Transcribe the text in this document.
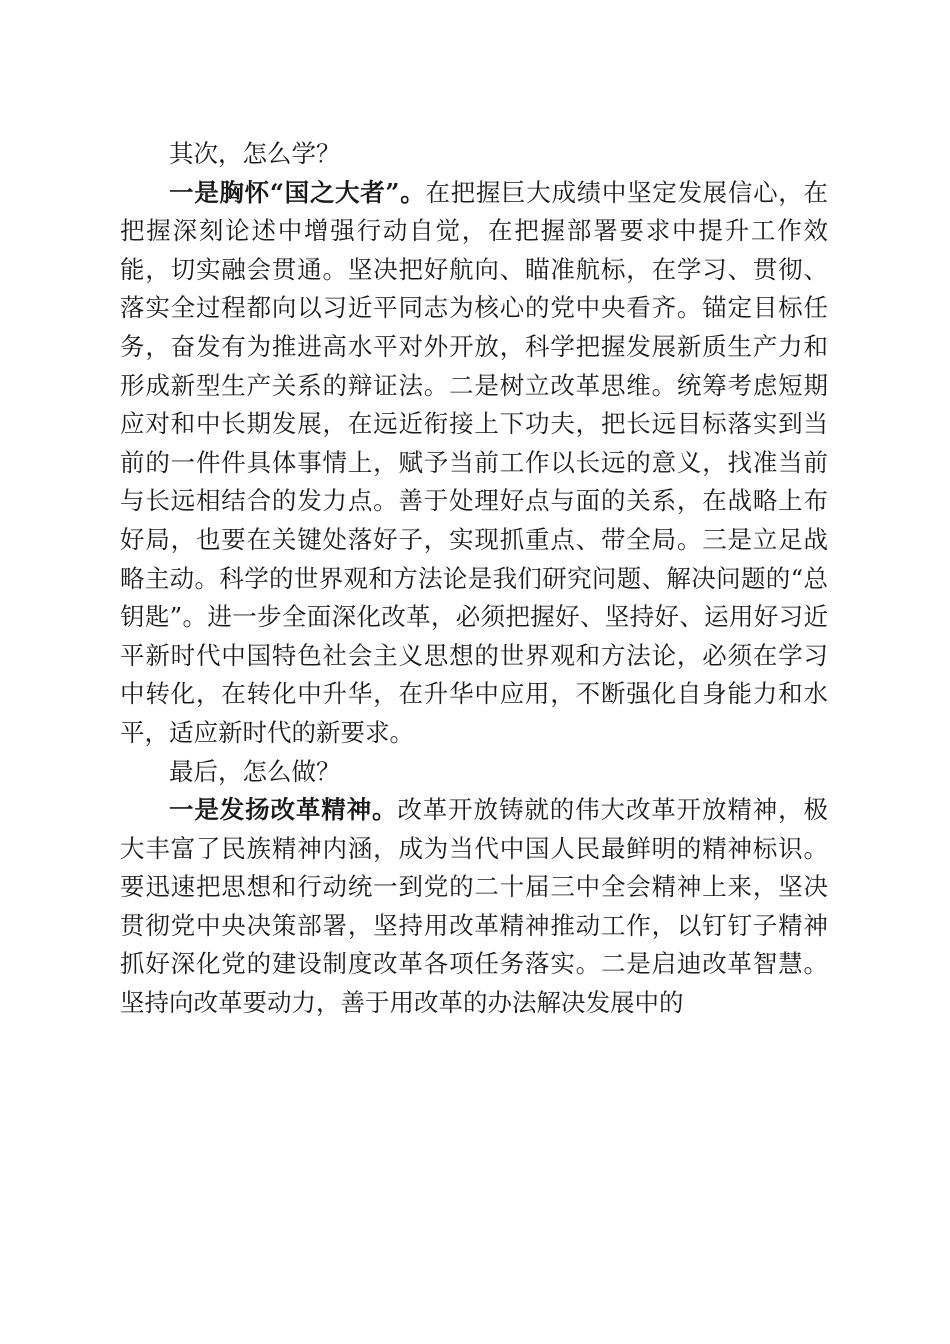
其次，怎么学？

一是胸怀“国之大者”。在把握巨大成绩中坚定发展信心，在把握深刻论述中增强行动自觉，在把握部署要求中提升工作效能，切实融会贯通。坚决把好航向、瞄准航标，在学习、贯彻、落实全过程都向以习近平同志为核心的党中央看齐。锚定目标任务，奋发有为推进高水平对外开放，科学把握发展新质生产力和形成新型生产关系的辩证法。二是树立改革思维。统筹考虑短期应对和中长期发展，在远近衔接上下功夫，把长远目标落实到当前的一件件具体事情上，赋予当前工作以长远的意义，找准当前与长远相结合的发力点。善于处理好点与面的关系，在战略上布好局，也要在关键处落好子，实现抓重点、带全局。三是立足战略主动。科学的世界观和方法论是我们研究问题、解决问题的“总钥匙”。进一步全面深化改革，必须把握好、坚持好、运用好习近平新时代中国特色社会主义思想的世界观和方法论，必须在学习中转化，在转化中升华，在升华中应用，不断强化自身能力和水平，适应新时代的新要求。

最后，怎么做？

一是发扬改革精神。改革开放铸就的伟大改革开放精神，极大丰富了民族精神内涵，成为当代中国人民最鲜明的精神标识。要迅速把思想和行动统一到党的二十届三中全会精神上来，坚决贯彻党中央决策部署，坚持用改革精神推动工作，以钉钉子精神抓好深化党的建设制度改革各项任务落实。二是启迪改革智慧。坚持向改革要动力，善于用改革的办法解决发展中的
